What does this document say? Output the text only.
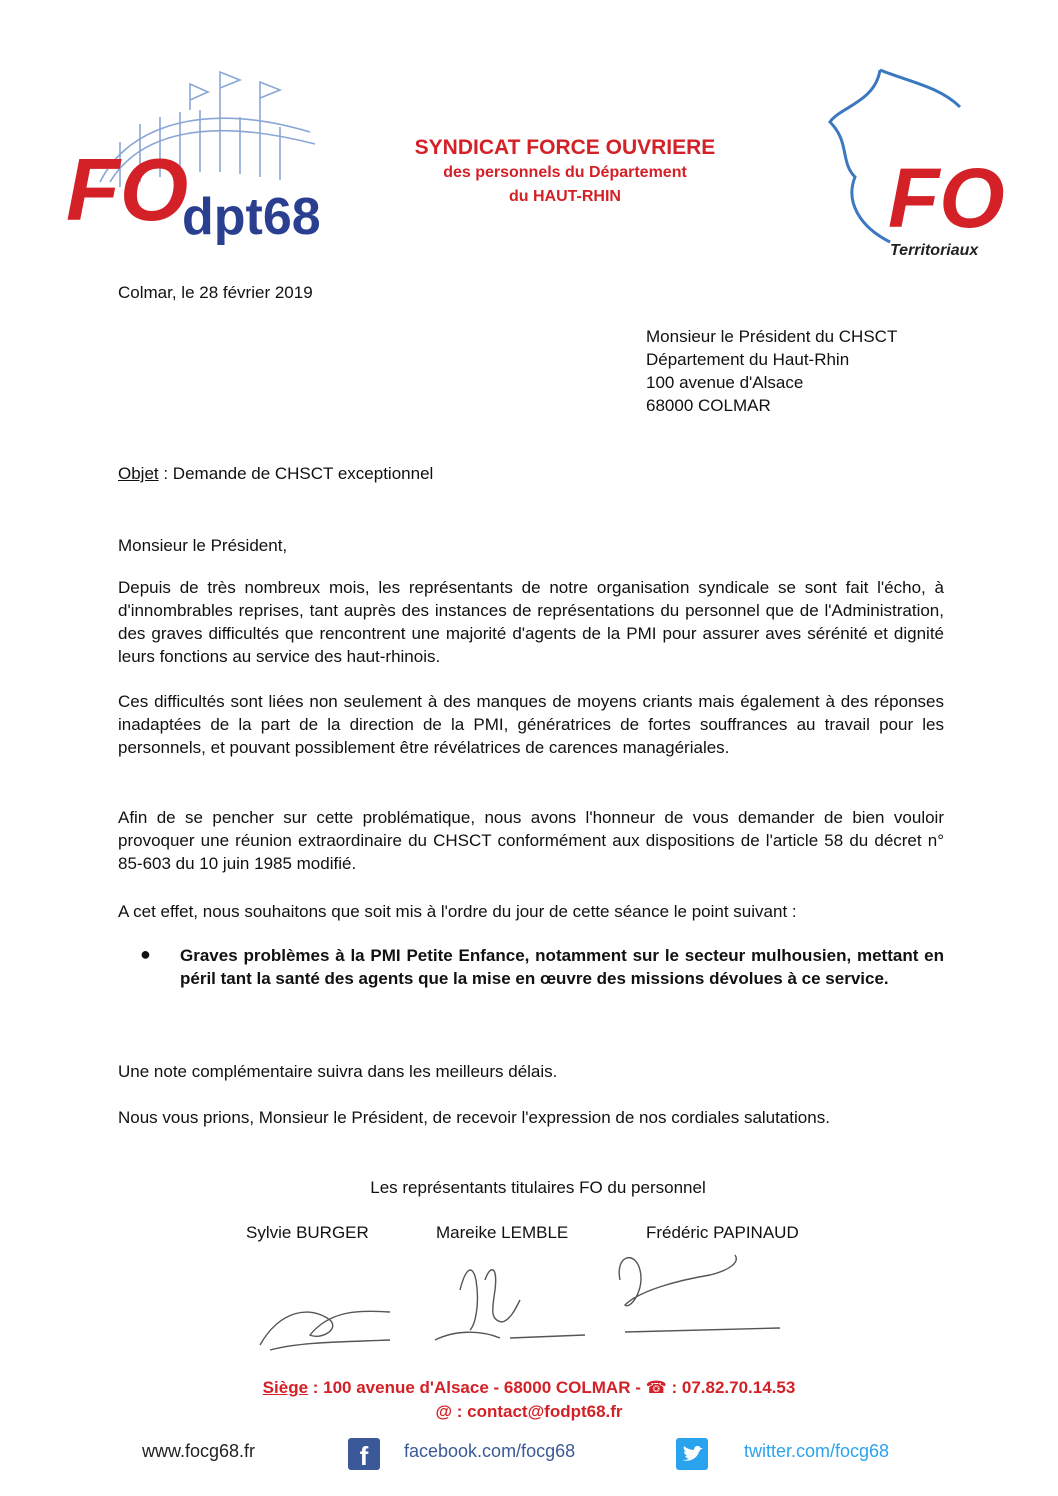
FO
dpt68
SYNDICAT FORCE OUVRIERE
des personnels du Département
du HAUT-RHIN	FO
Territoriaux
Colmar, le 28 février 2019
Monsieur le Président du CHSCT
Département du Haut-Rhin
100 avenue d'Alsace
68000 COLMAR
Objet : Demande de CHSCT exceptionnel
Monsieur le Président,
Depuis de très nombreux mois, les représentants de notre organisation syndicale se sont fait l'écho, à d'innombrables reprises, tant auprès des instances de représentations du personnel que de l'Administration, des graves difficultés que rencontrent une majorité d'agents de la PMI pour assurer aves sérénité et dignité leurs fonctions au service des haut-rhinois.
Ces difficultés sont liées non seulement à des manques de moyens criants mais également à des réponses inadaptées de la part de la direction de la PMI, génératrices de fortes souffrances au travail pour les personnels, et pouvant possiblement être révélatrices de carences managériales.
Afin de se pencher sur cette problématique, nous avons l'honneur de vous demander de bien vouloir provoquer une réunion extraordinaire du CHSCT conformément aux dispositions de l'article 58 du décret n° 85-603 du 10 juin 1985 modifié.
A cet effet, nous souhaitons que soit mis à l'ordre du jour de cette séance le point suivant :
● Graves problèmes à la PMI Petite Enfance, notamment sur le secteur mulhousien, mettant en péril tant la santé des agents que la mise en œuvre des missions dévolues à ce service.
Une note complémentaire suivra dans les meilleurs délais.
Nous vous prions, Monsieur le Président, de recevoir l'expression de nos cordiales salutations.
Les représentants titulaires FO du personnel
Sylvie BURGER	Mareike LEMBLE	Frédéric PAPINAUD
Siège : 100 avenue d'Alsace - 68000 COLMAR - ☎ : 07.82.70.14.53
@ : contact@fodpt68.fr
www.focg68.fr	f	facebook.com/focg68	twitter.com/focg68
